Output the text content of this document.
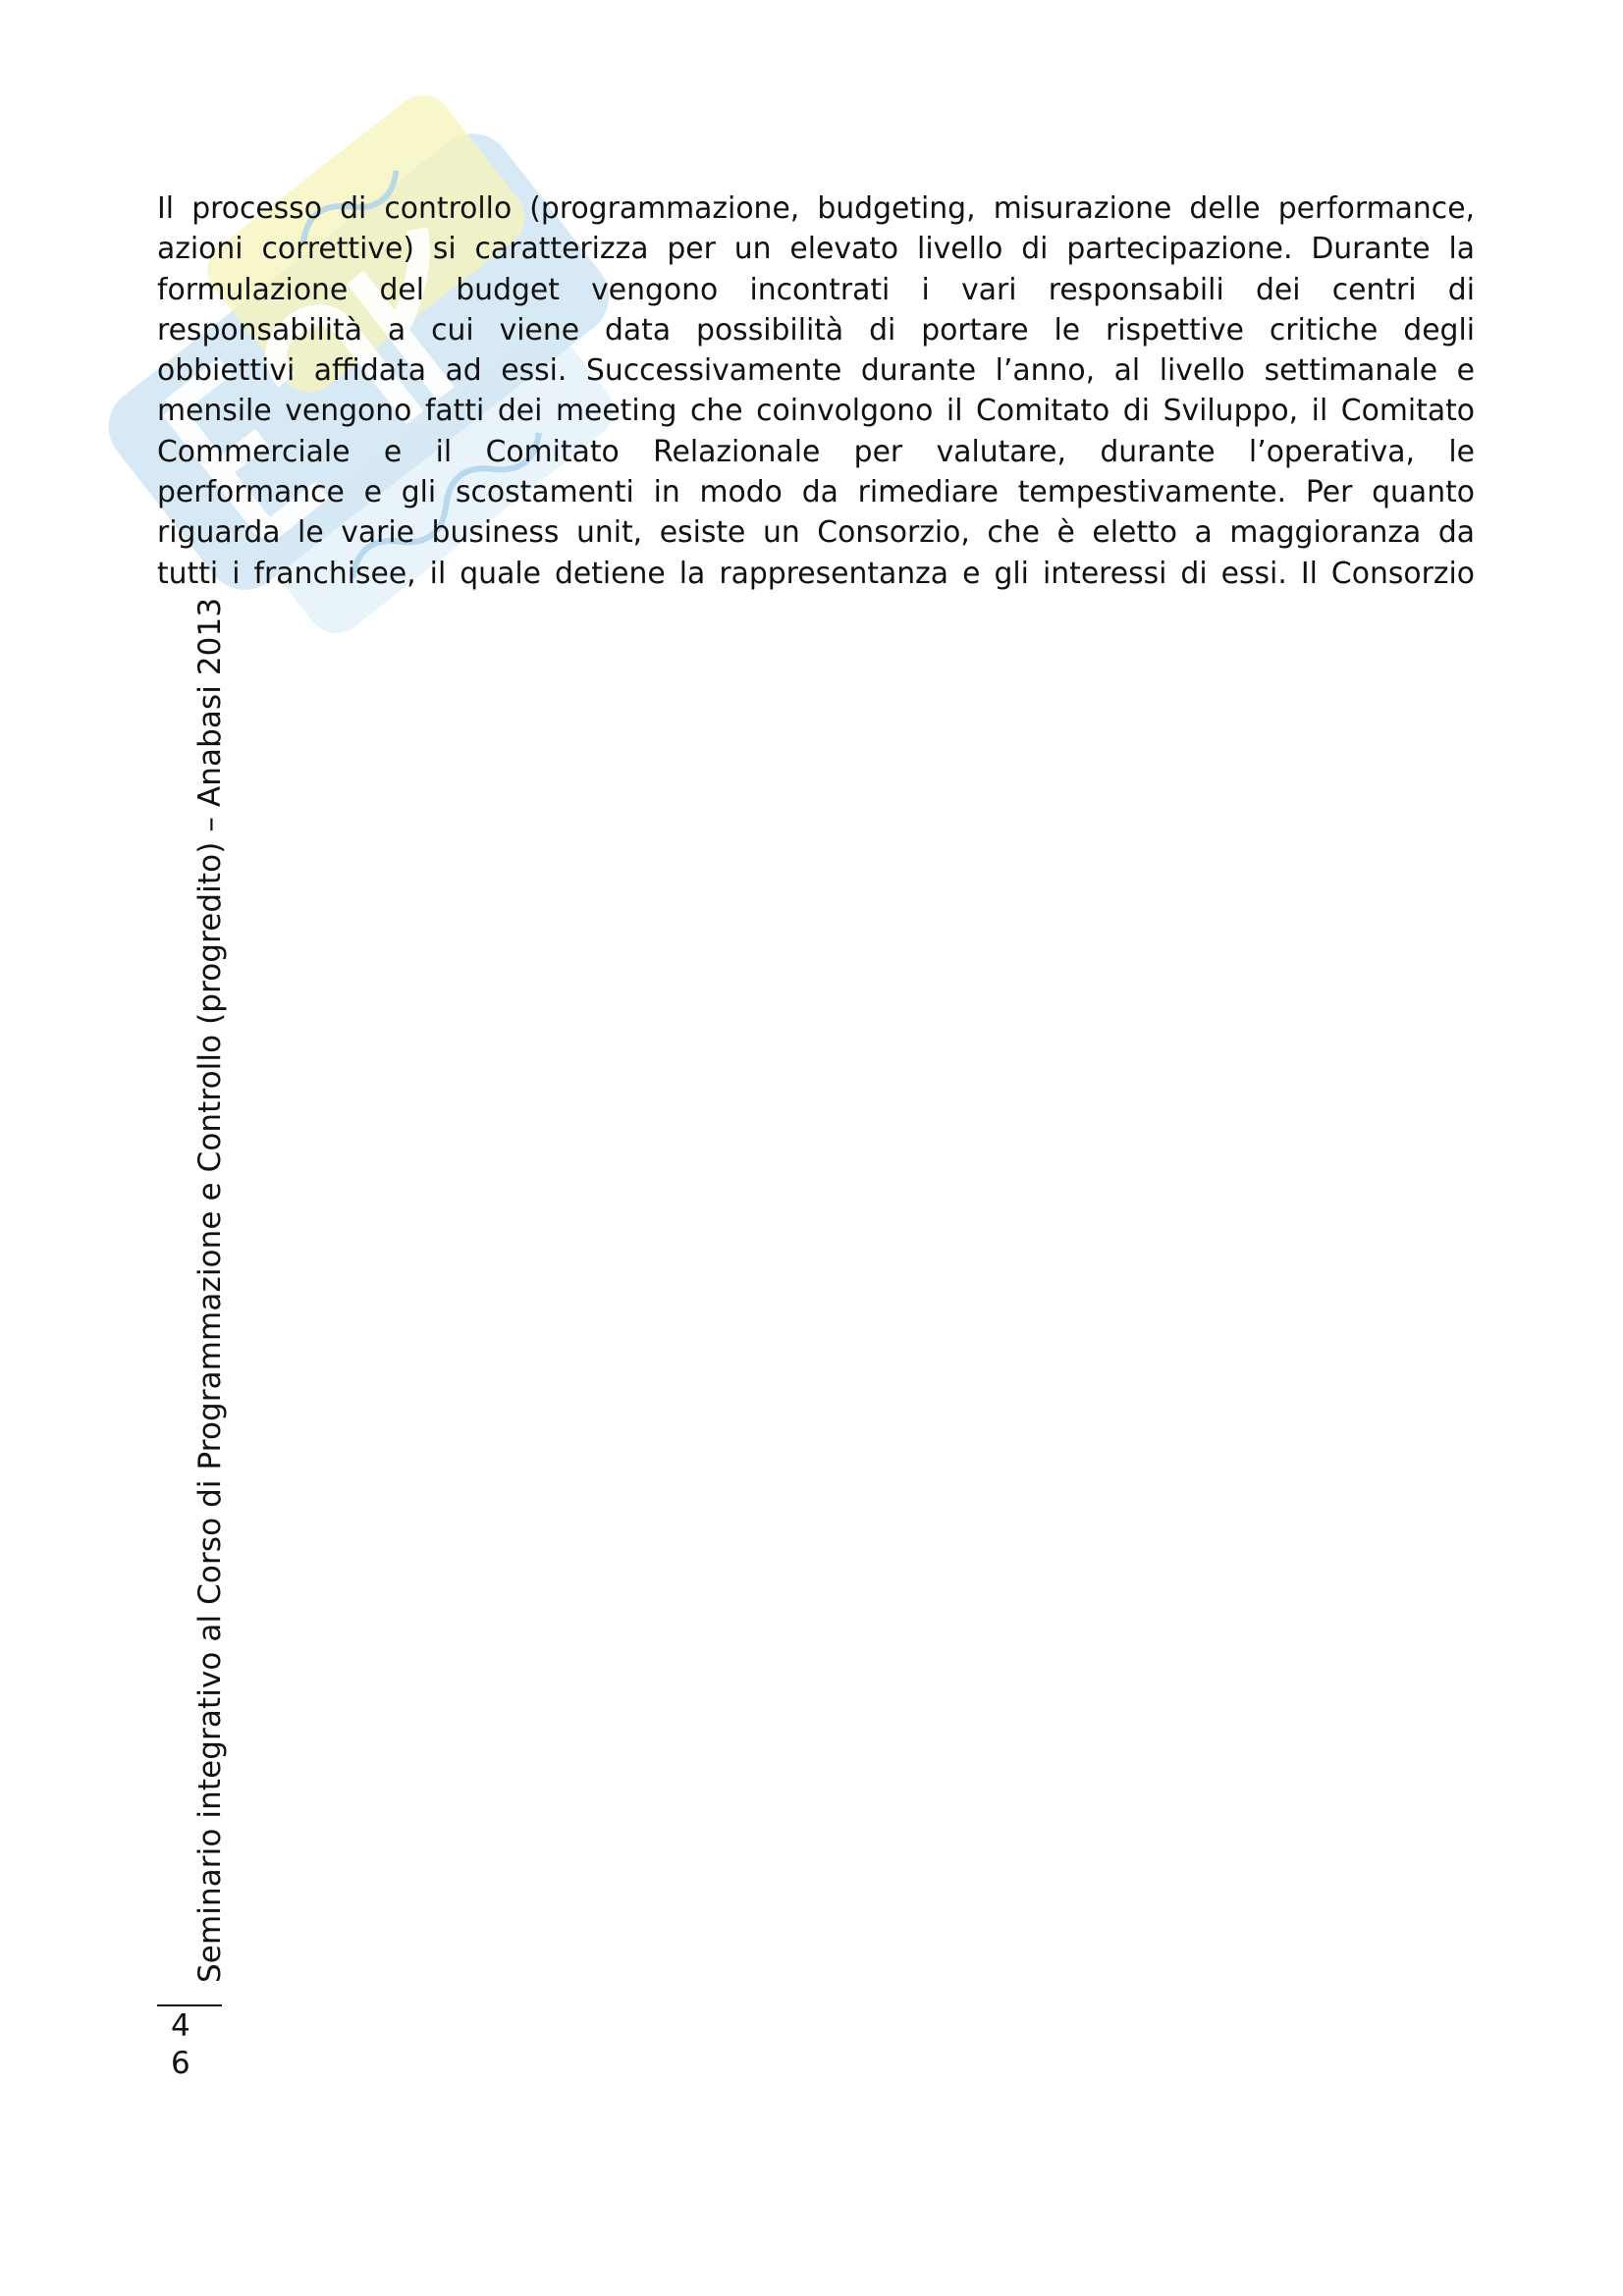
Il processo di controllo (programmazione, budgeting, misurazione delle performance,
azioni correttive) si caratterizza per un elevato livello di partecipazione. Durante la
formulazione del budget vengono incontrati i vari responsabili dei centri di
responsabilità a cui viene data possibilità di portare le rispettive critiche degli
obbiettivi affidata ad essi. Successivamente durante l’anno, al livello settimanale e
mensile vengono fatti dei meeting che coinvolgono il Comitato di Sviluppo, il Comitato
Commerciale e il Comitato Relazionale per valutare, durante l’operativa, le
performance e gli scostamenti in modo da rimediare tempestivamente. Per quanto
riguarda le varie business unit, esiste un Consorzio, che è eletto a maggioranza da
tutti i franchisee, il quale detiene la rappresentanza e gli interessi di essi. Il Consorzio

Seminario integrativo al Corso di Programmazione e Controllo (progredito) – Anabasi 2013
4
6
